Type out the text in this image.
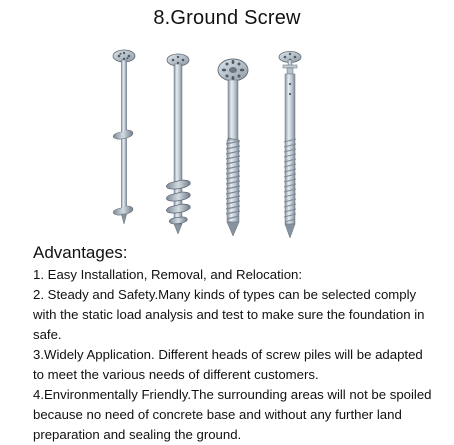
8.Ground Screw
Advantages:
1. Easy Installation, Removal, and Relocation:
2. Steady and Safety.Many kinds of types can be selected comply with the static load analysis and test to make sure the foundation in safe.
3.Widely Application. Different heads of screw piles will be adapted to meet the various needs of different customers.
4.Environmentally Friendly.The surrounding areas will not be spoiled because no need of concrete base and without any further land preparation and sealing the ground.
